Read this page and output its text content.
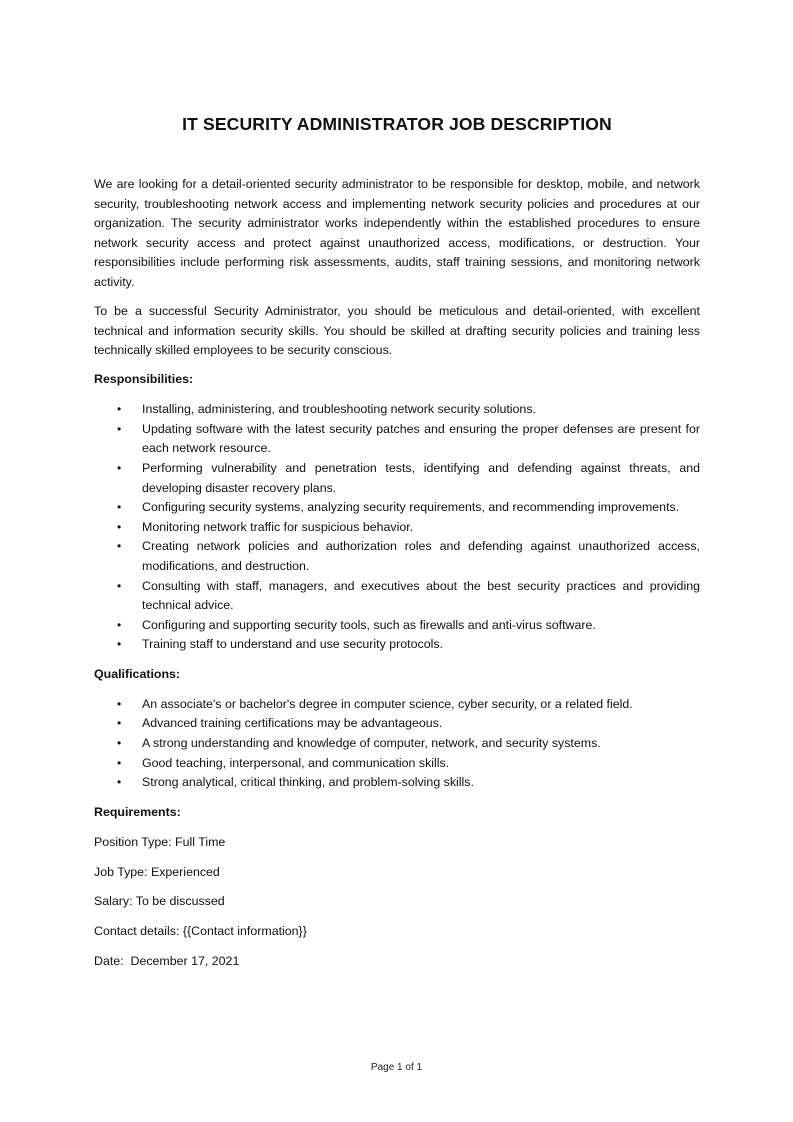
IT SECURITY ADMINISTRATOR JOB DESCRIPTION

We are looking for a detail-oriented security administrator to be responsible for desktop, mobile, and network security, troubleshooting network access and implementing network security policies and procedures at our organization. The security administrator works independently within the established procedures to ensure network security access and protect against unauthorized access, modifications, or destruction. Your responsibilities include performing risk assessments, audits, staff training sessions, and monitoring network activity.

To be a successful Security Administrator, you should be meticulous and detail-oriented, with excellent technical and information security skills. You should be skilled at drafting security policies and training less technically skilled employees to be security conscious.

Responsibilities:
• Installing, administering, and troubleshooting network security solutions.
• Updating software with the latest security patches and ensuring the proper defenses are present for each network resource.
• Performing vulnerability and penetration tests, identifying and defending against threats, and developing disaster recovery plans.
• Configuring security systems, analyzing security requirements, and recommending improvements.
• Monitoring network traffic for suspicious behavior.
• Creating network policies and authorization roles and defending against unauthorized access, modifications, and destruction.
• Consulting with staff, managers, and executives about the best security practices and providing technical advice.
• Configuring and supporting security tools, such as firewalls and anti-virus software.
• Training staff to understand and use security protocols.
Qualifications:
• An associate's or bachelor's degree in computer science, cyber security, or a related field.
• Advanced training certifications may be advantageous.
• A strong understanding and knowledge of computer, network, and security systems.
• Good teaching, interpersonal, and communication skills.
• Strong analytical, critical thinking, and problem-solving skills.
Requirements:
Position Type: Full Time
Job Type: Experienced
Salary: To be discussed
Contact details: {{Contact information}}
Date:  December 17, 2021
Page 1 of 1
